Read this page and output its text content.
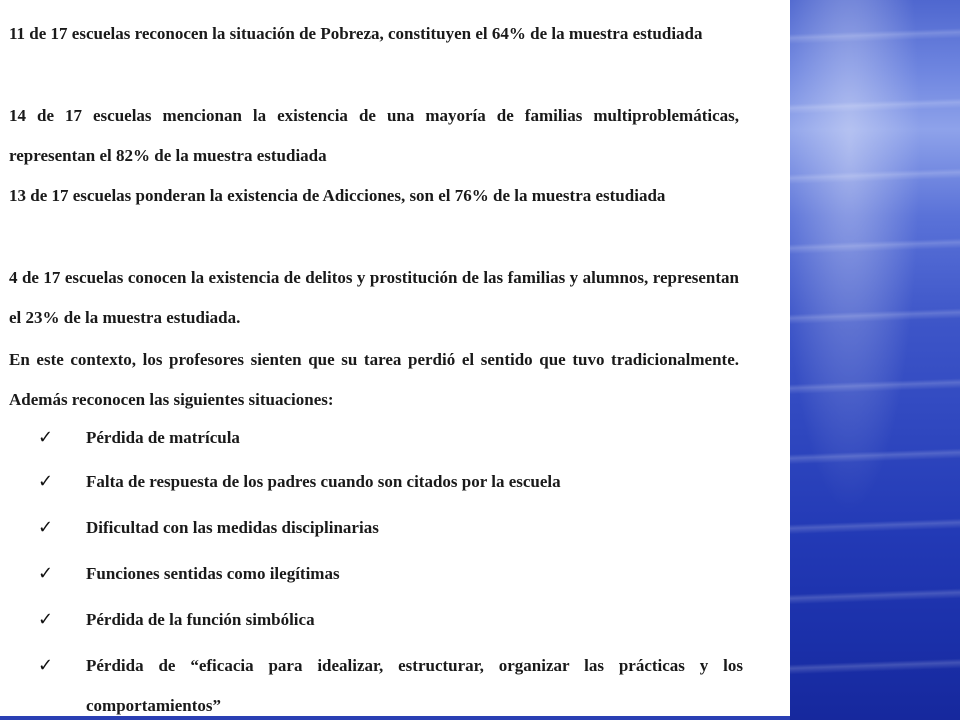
11 de 17 escuelas reconocen la situación de Pobreza, constituyen el 64% de la muestra estudiada

14 de 17 escuelas mencionan la existencia de una mayoría de familias multiproblemáticas, representan el 82% de la muestra estudiada

13 de 17 escuelas ponderan la existencia de Adicciones, son el 76% de la muestra estudiada

4 de 17 escuelas conocen la existencia de delitos y prostitución de las familias y alumnos, representan el 23% de la muestra estudiada.

En este contexto, los profesores sienten que su tarea perdió el sentido que tuvo tradicionalmente. Además reconocen las siguientes situaciones:

✓	Pérdida de matrícula
✓	Falta de respuesta de los padres cuando son citados por la escuela
✓	Dificultad con las medidas disciplinarias
✓	Funciones sentidas como ilegítimas
✓	Pérdida de la función simbólica
✓	Pérdida de “eficacia para idealizar, estructurar, organizar las prácticas y los comportamientos”
